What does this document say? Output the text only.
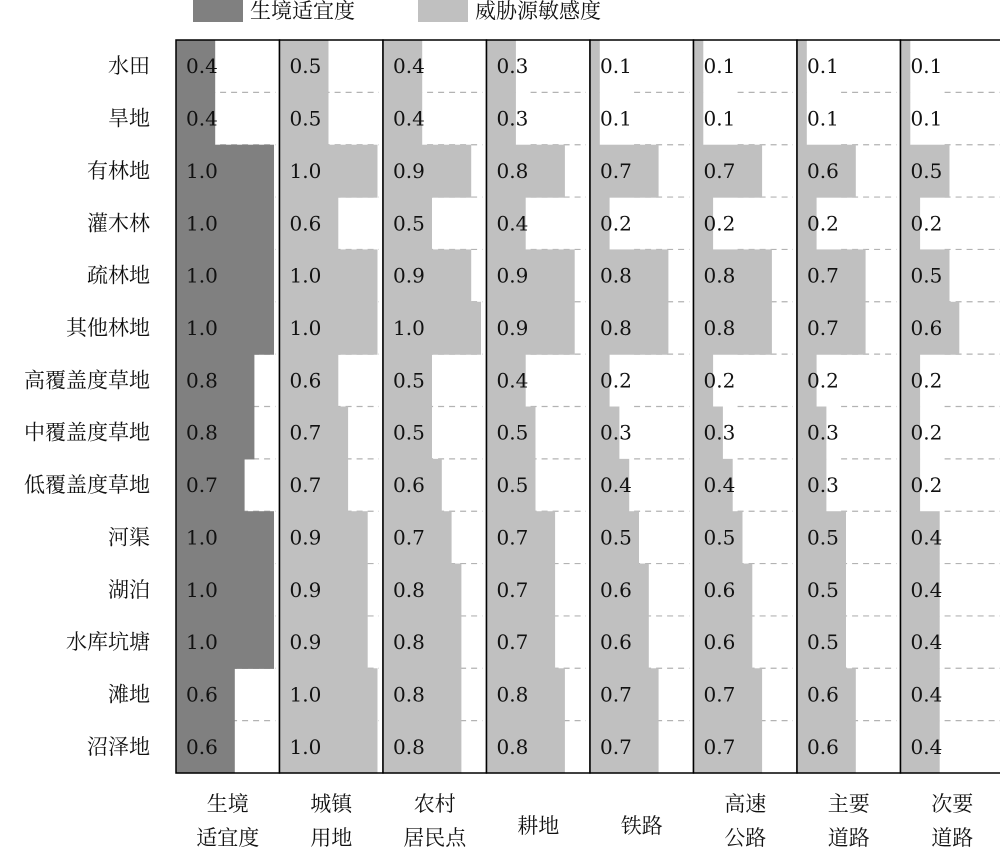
生境适宜度	威胁源敏感度
0.4
0.4
1.0
1.0
1.0
1.0
0.8
0.8
0.7
1.0
1.0
1.0
0.6
0.6
0.5
0.5
1.0
0.6
1.0
1.0
0.6
0.7
0.7
0.9
0.9
0.9
1.0
1.0
0.4
0.4
0.9
0.5
0.9
1.0
0.5
0.5
0.6
0.7
0.8
0.8
0.8
0.8
0.3
0.3
0.8
0.4
0.9
0.9
0.4
0.5
0.5
0.7
0.7
0.7
0.8
0.8
0.1
0.1
0.7
0.2
0.8
0.8
0.2
0.3
0.4
0.5
0.6
0.6
0.7
0.7
0.1
0.1
0.7
0.2
0.8
0.8
0.2
0.3
0.4
0.5
0.6
0.6
0.7
0.7
0.1
0.1
0.6
0.2
0.7
0.7
0.2
0.3
0.3
0.5
0.5
0.5
0.6
0.6
0.1
0.1
0.5
0.2
0.5
0.6
0.2
0.2
0.2
0.4
0.4
0.4
0.4
0.4
水田
旱地
有林地
灌木林
疏林地
其他林地
高覆盖度草地
中覆盖度草地
低覆盖度草地
河渠
湖泊
水库坑塘
滩地
沼泽地
生境
适宜度
城镇
用地
农村
居民点 耕地	铁路
高速
公路
主要
道路
次要
道路
